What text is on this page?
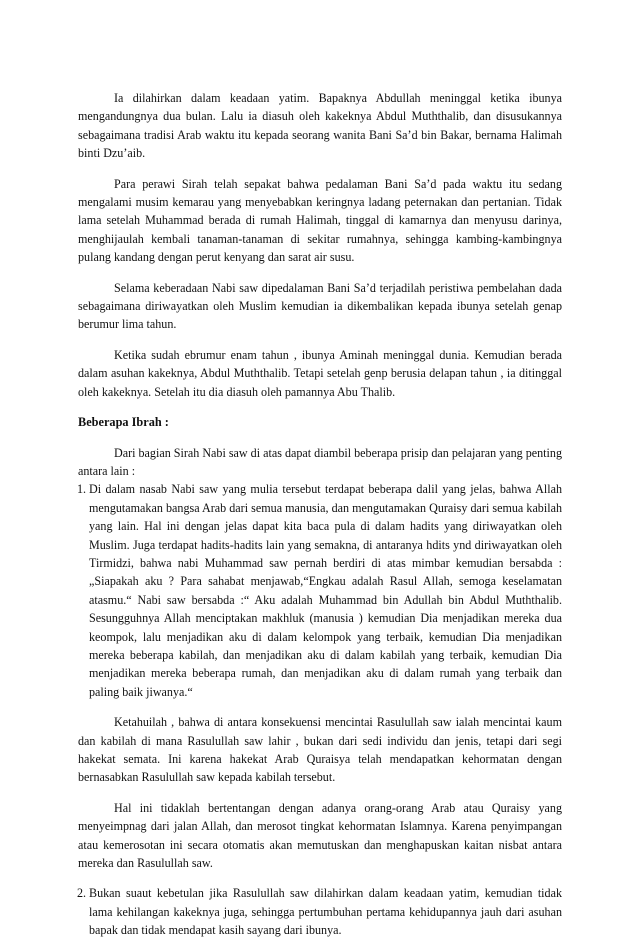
Ia dilahirkan dalam keadaan yatim. Bapaknya Abdullah meninggal ketika ibunya mengandungnya dua bulan. Lalu ia diasuh oleh kakeknya Abdul Muththalib, dan disusukannya sebagaimana tradisi Arab waktu itu kepada seorang wanita Bani Sa’d bin Bakar, bernama Halimah binti Dzu’aib.

Para perawi Sirah telah sepakat bahwa pedalaman Bani Sa’d pada waktu itu sedang mengalami musim kemarau yang menyebabkan keringnya ladang peternakan dan pertanian. Tidak lama setelah Muhammad berada di rumah Halimah, tinggal di kamarnya dan menyusu darinya, menghijaulah kembali tanaman-tanaman di sekitar rumahnya, sehingga kambing-kambingnya pulang kandang dengan perut kenyang dan sarat air susu.

Selama keberadaan Nabi saw dipedalaman Bani Sa’d terjadilah peristiwa pembelahan dada sebagaimana diriwayatkan oleh Muslim kemudian ia dikembalikan kepada ibunya setelah genap berumur lima tahun.

Ketika sudah ebrumur enam tahun , ibunya Aminah meninggal dunia. Kemudian berada dalam asuhan kakeknya, Abdul Muththalib. Tetapi setelah genp berusia delapan tahun , ia ditinggal oleh kakeknya. Setelah itu dia diasuh oleh pamannya Abu Thalib.

Beberapa Ibrah :

Dari bagian Sirah Nabi saw di atas dapat diambil beberapa prisip dan pelajaran yang penting antara lain :

1. Di dalam nasab Nabi saw yang mulia tersebut terdapat beberapa dalil yang jelas, bahwa Allah mengutamakan bangsa Arab dari semua manusia, dan mengutamakan Quraisy dari semua kabilah yang lain. Hal ini dengan jelas dapat kita baca pula di dalam hadits yang diriwayatkan oleh Muslim. Juga terdapat hadits-hadits lain yang semakna, di antaranya hdits ynd diriwayatkan oleh Tirmidzi, bahwa nabi Muhammad saw pernah berdiri di atas mimbar kemudian bersabda : „Siapakah aku ? Para sahabat menjawab,“Engkau adalah Rasul Allah, semoga keselamatan atasmu.“ Nabi saw bersabda :“ Aku adalah Muhammad bin Adullah bin Abdul Muththalib. Sesungguhnya Allah menciptakan makhluk (manusia ) kemudian Dia menjadikan mereka dua keompok, lalu menjadikan aku di dalam kelompok yang terbaik, kemudian Dia menjadikan mereka beberapa kabilah, dan menjadikan aku di dalam kabilah yang terbaik, kemudian Dia menjadikan mereka beberapa rumah, dan menjadikan aku di dalam rumah yang terbaik dan paling baik jiwanya.“

Ketahuilah , bahwa di antara konsekuensi mencintai Rasulullah saw ialah mencintai kaum dan kabilah di mana Rasulullah saw lahir , bukan dari sedi individu dan jenis, tetapi dari segi hakekat semata. Ini karena hakekat Arab Quraisya telah mendapatkan kehormatan dengan bernasabkan Rasulullah saw kepada kabilah tersebut.

Hal ini tidaklah bertentangan dengan adanya orang-orang Arab atau Quraisy yang menyeimpnag dari jalan Allah, dan merosot tingkat kehormatan Islamnya. Karena penyimpangan atau kemerosotan ini secara otomatis akan memutuskan dan menghapuskan kaitan nisbat antara mereka dan Rasulullah saw.

2. Bukan suaut kebetulan jika Rasulullah saw dilahirkan dalam keadaan yatim, kemudian tidak lama kehilangan kakeknya juga, sehingga pertumbuhan pertama kehidupannya jauh dari asuhan bapak dan tidak mendapat kasih sayang dari ibunya.
